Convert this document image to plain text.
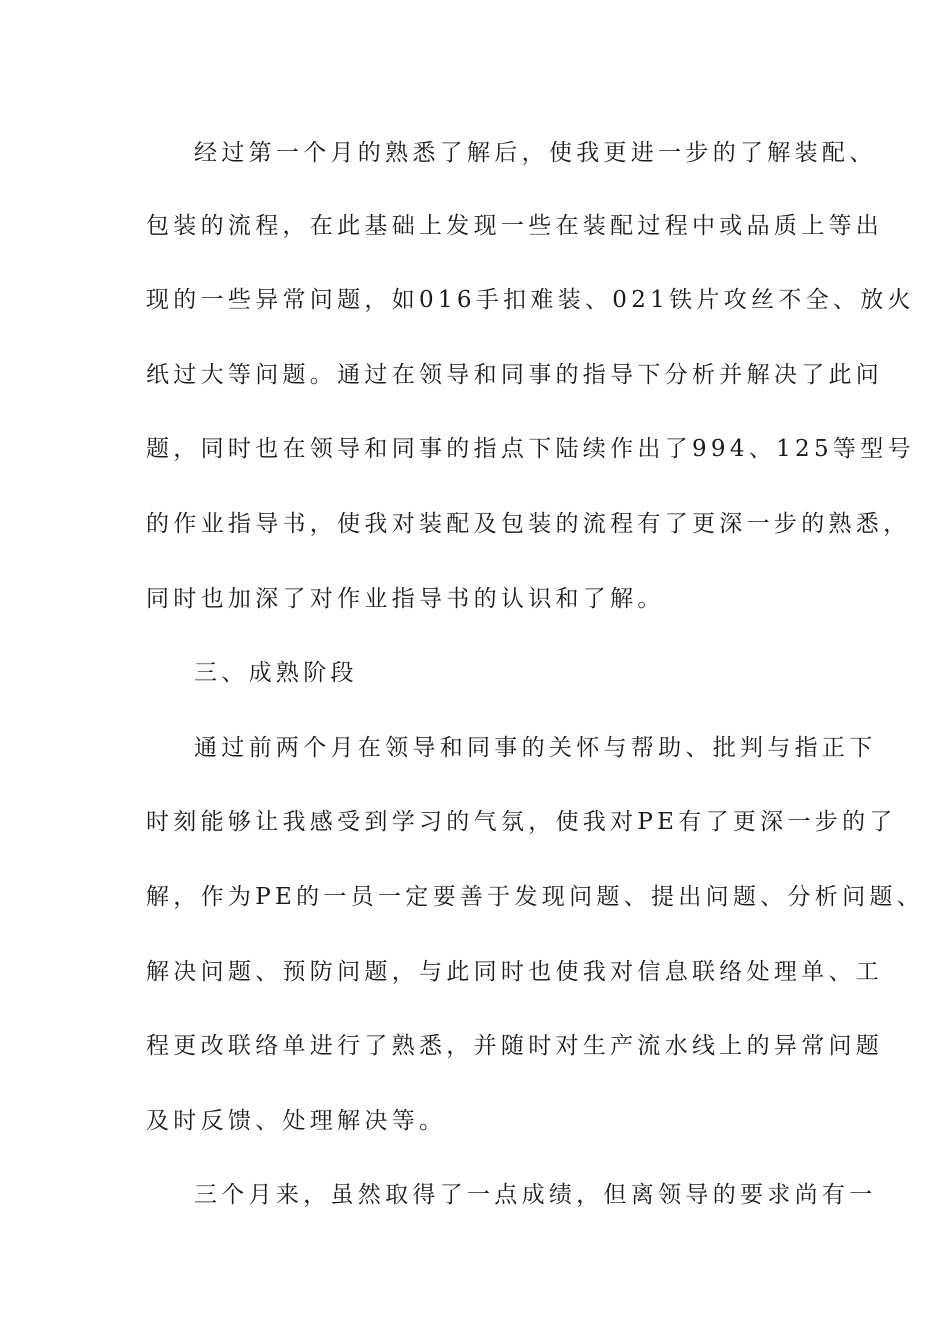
经过第一个月的熟悉了解后，使我更进一步的了解装配、
包装的流程，在此基础上发现一些在装配过程中或品质上等出
现的一些异常问题，如016手扣难装、021铁片攻丝不全、放火
纸过大等问题。通过在领导和同事的指导下分析并解决了此问
题，同时也在领导和同事的指点下陆续作出了994、125等型号
的作业指导书，使我对装配及包装的流程有了更深一步的熟悉，
同时也加深了对作业指导书的认识和了解。
三、成熟阶段
通过前两个月在领导和同事的关怀与帮助、批判与指正下
时刻能够让我感受到学习的气氛，使我对PE有了更深一步的了
解，作为PE的一员一定要善于发现问题、提出问题、分析问题、
解决问题、预防问题，与此同时也使我对信息联络处理单、工
程更改联络单进行了熟悉，并随时对生产流水线上的异常问题
及时反馈、处理解决等。
三个月来，虽然取得了一点成绩，但离领导的要求尚有一
